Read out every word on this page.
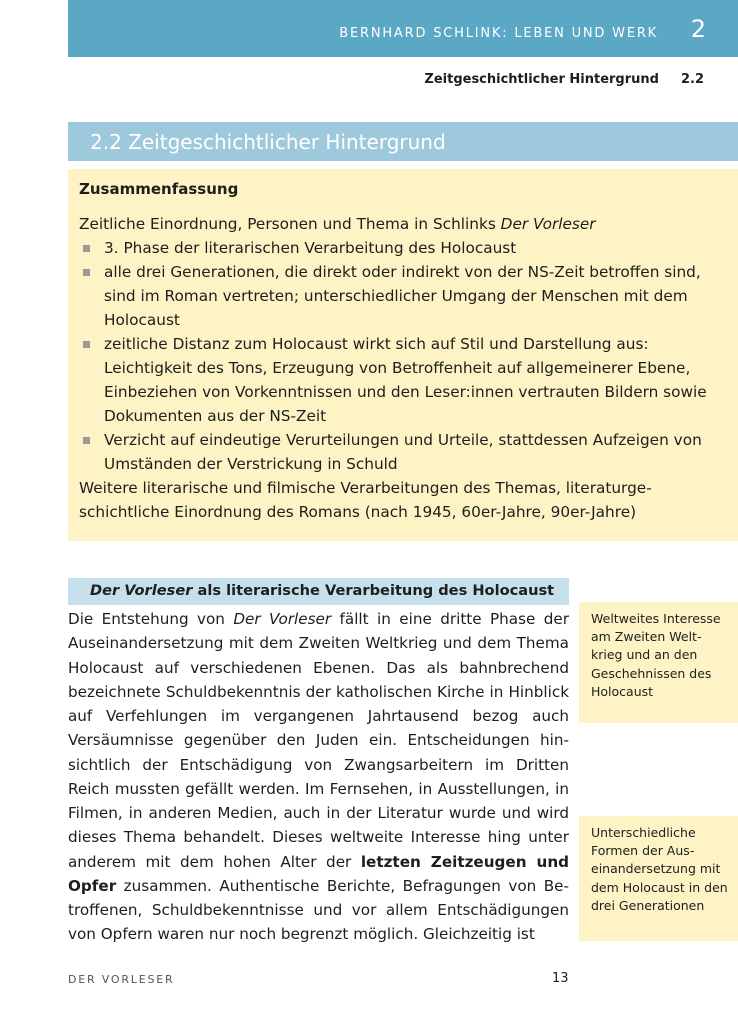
BERNHARD SCHLINK: LEBEN UND WERK 2
Zeitgeschichtlicher Hintergrund 2.2
2.2 Zeitgeschichtlicher Hintergrund
Zusammenfassung

Zeitliche Einordnung, Personen und Thema in Schlinks Der Vorleser

3. Phase der literarischen Verarbeitung des Holocaust
alle drei Generationen, die direkt oder indirekt von der NS-Zeit betroffen sind, sind im Roman vertreten; unterschiedlicher Umgang der Menschen mit dem Holocaust
zeitliche Distanz zum Holocaust wirkt sich auf Stil und Darstellung aus: Leichtigkeit des Tons, Erzeugung von Betroffenheit auf allgemeinerer Ebene, Einbeziehen von Vorkenntnissen und den Leser:innen vertrauten Bildern sowie Dokumenten aus der NS-Zeit
Verzicht auf eindeutige Verurteilungen und Urteile, stattdessen Aufzeigen von Umständen der Verstrickung in Schuld

Weitere literarische und filmische Verarbeitungen des Themas, literaturgeschichtliche Einordnung des Romans (nach 1945, 60er-Jahre, 90er-Jahre)

Der Vorleser als literarische Verarbeitung des Holocaust
Die Entstehung von Der Vorleser fällt in eine dritte Phase der Auseinandersetzung mit dem Zweiten Weltkrieg und dem Thema Holocaust auf verschiedenen Ebenen. Das als bahnbrechend bezeichnete Schuldbekenntnis der katholischen Kirche in Hinblick auf Verfehlungen im vergangenen Jahrtausend bezog auch Versäumnisse gegenüber den Juden ein. Entscheidungen hinsichtlich der Entschädigung von Zwangsarbeitern im Dritten Reich mussten gefällt werden. Im Fernsehen, in Ausstellungen, in Filmen, in anderen Medien, auch in der Literatur wurde und wird dieses Thema behandelt. Dieses weltweite Interesse hing unter anderem mit dem hohen Alter der letzten Zeitzeugen und Opfer zusammen. Authentische Berichte, Befragungen von Betroffenen, Schuldbekenntnisse und vor allem Entschädigungen von Opfern waren nur noch begrenzt möglich. Gleichzeitig ist
Weltweites Interesse am Zweiten Weltkrieg und an den Geschehnissen des Holocaust
Unterschiedliche Formen der Auseinandersetzung mit dem Holocaust in den drei Generationen
DER VORLESER	13
